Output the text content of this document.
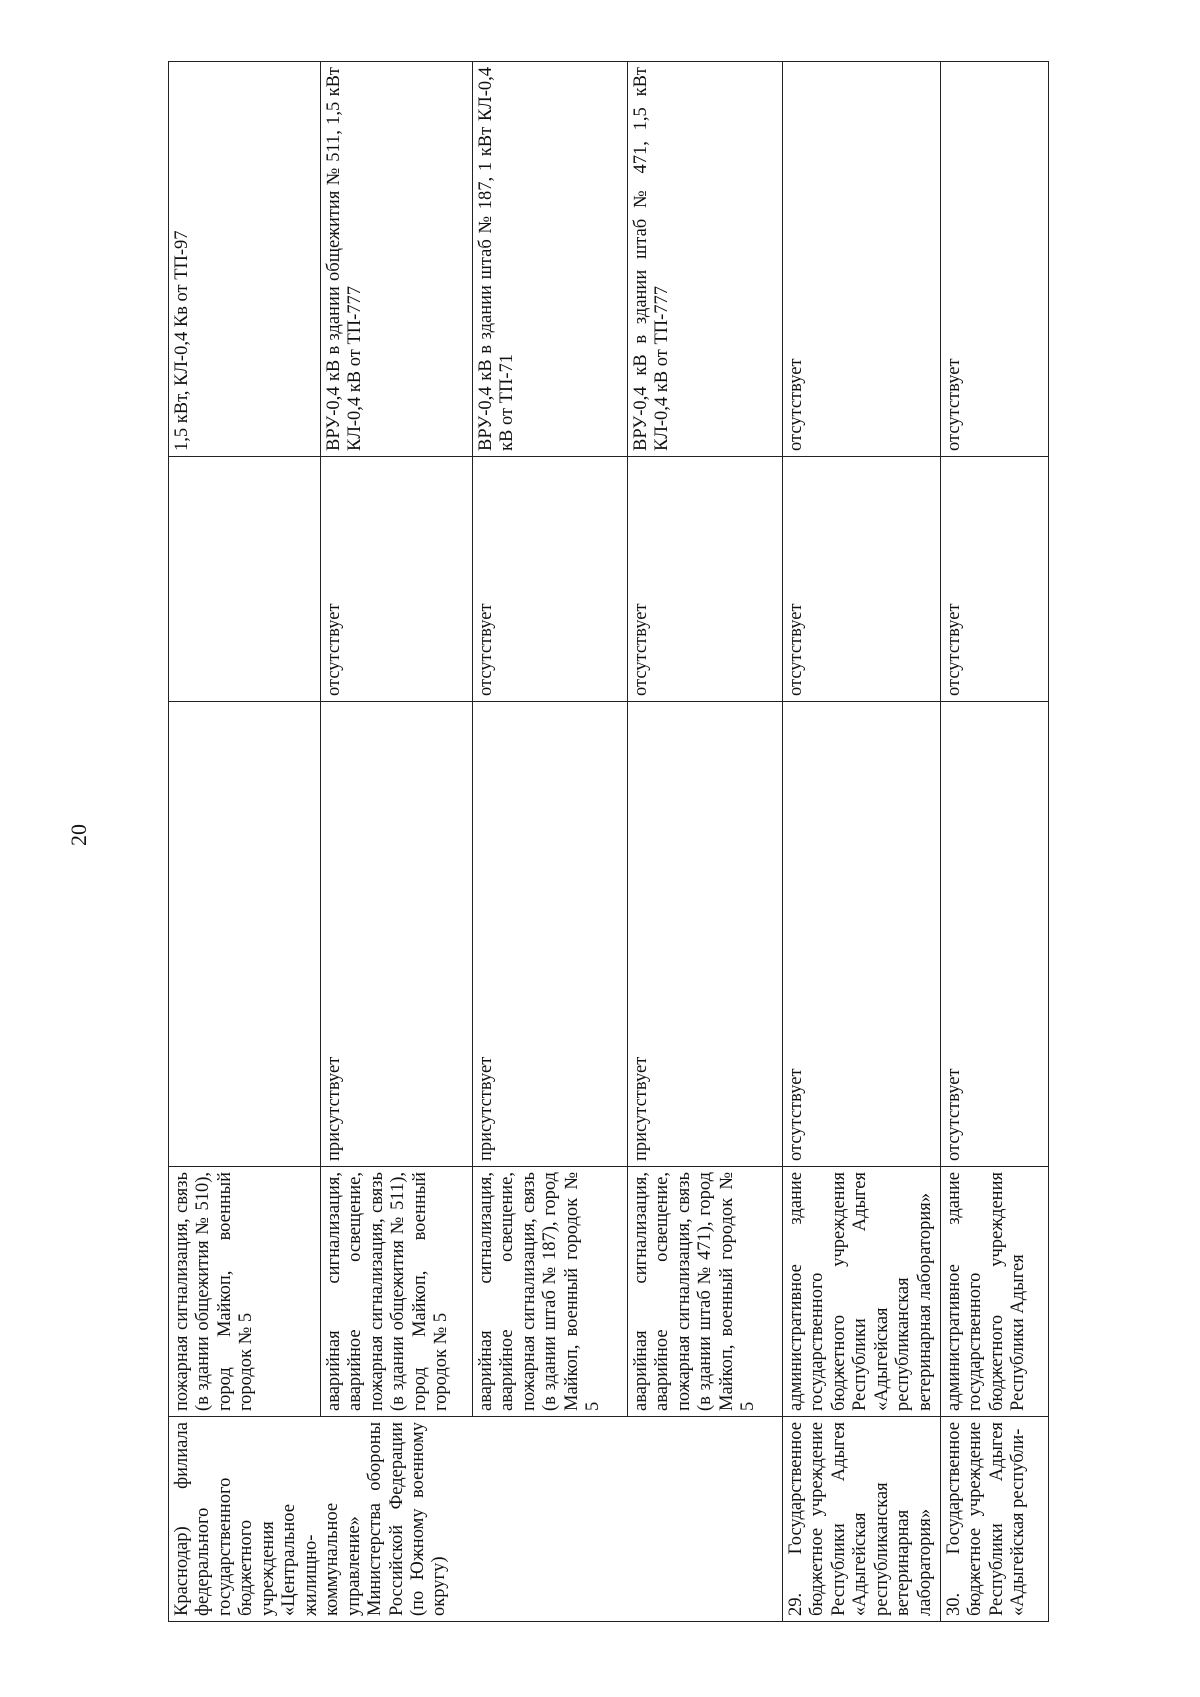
20
Краснодар) филиала федерального государственного бюджетного учреждения «Центральное жилищно-коммунальное управление» Министерства обороны Российской Федерации (по Южному военному округу)	пожарная сигнализация, связь (в здании общежития № 510), город Майкоп, военный городок № 5			1,5 кВт, КЛ-0,4 Кв от ТП-97
	аварийная сигнализация, аварийное освещение, пожарная сигнализация, связь (в здании общежития № 511), город Майкоп, военный городок № 5	присутствует	отсутствует	ВРУ-0,4 кВ в здании общежития № 511, 1,5 кВт КЛ-0,4 кВ от ТП-777
	аварийная сигнализация, аварийное освещение, пожарная сигнализация, связь (в здании штаб № 187), город Майкоп, военный городок № 5	присутствует	отсутствует	ВРУ-0,4 кВ в здании штаб № 187, 1 кВт КЛ-0,4 кВ от ТП-71
	аварийная сигнализация, аварийное освещение, пожарная сигнализация, связь (в здании штаб № 471), город Майкоп, военный городок № 5	присутствует	отсутствует	ВРУ-0,4 кВ в здании штаб № 471, 1,5 кВт КЛ-0,4 кВ от ТП-777
29. Государственное бюджетное учреждение Республики Адыгея «Адыгейская республиканская ветеринарная лаборатория»	административное здание государственного бюджетного учреждения Республики Адыгея «Адыгейская республиканская ветеринарная лаборатория»	отсутствует	отсутствует	отсутствует
30. Государственное бюджетное учреждение Республики Адыгея «Адыгейская республи-	административное здание государственного бюджетного учреждения Республики Адыгея	отсутствует	отсутствует	отсутствует
